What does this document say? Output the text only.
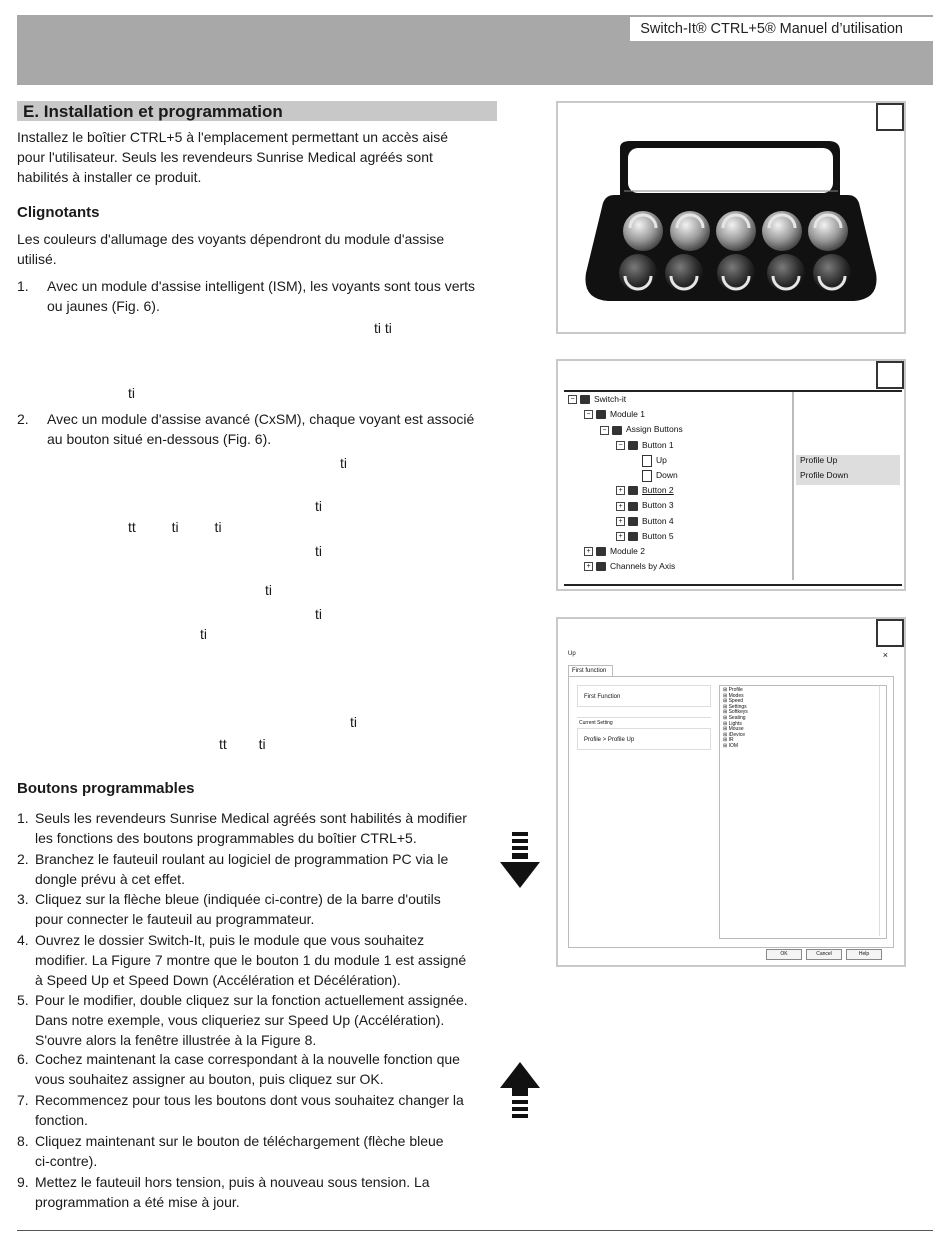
Switch-It® CTRL+5® Manuel d’utilisation
E. Installation et programmation
Installez le boîtier CTRL+5 à l'emplacement permettant un accès aisé
pour l'utilisateur. Seuls les revendeurs Sunrise Medical agréés sont
habilités à installer ce produit.
Clignotants
Les couleurs d'allumage des voyants dépendront du module d'assise
utilisé.
1. Avec un module d'assise intelligent (ISM), les voyants sont tous verts
ou jaunes (Fig. 6).
ti ti
ti
2. Avec un module d'assise avancé (CxSM), chaque voyant est associé
au bouton situé en-dessous (Fig. 6).
ti
ti
tt ti ti
ti
ti
ti
ti
ti
tt ti
Boutons programmables
1. Seuls les revendeurs Sunrise Medical agréés sont habilités à modifier
les fonctions des boutons programmables du boîtier CTRL+5.
2. Branchez le fauteuil roulant au logiciel de programmation PC via le
dongle prévu à cet effet.
3. Cliquez sur la flèche bleue (indiquée ci-contre) de la barre d'outils
pour connecter le fauteuil au programmateur.
4. Ouvrez le dossier Switch-It, puis le module que vous souhaitez
modifier. La Figure 7 montre que le bouton 1 du module 1 est assigné
à Speed Up et Speed Down (Accélération et Décélération).
5. Pour le modifier, double cliquez sur la fonction actuellement assignée.
Dans notre exemple, vous cliqueriez sur Speed Up (Accélération).
S'ouvre alors la fenêtre illustrée à la Figure 8.
6. Cochez maintenant la case correspondant à la nouvelle fonction que
vous souhaitez assigner au bouton, puis cliquez sur OK.
7. Recommencez pour tous les boutons dont vous souhaitez changer la
fonction.
8. Cliquez maintenant sur le bouton de téléchargement (flèche bleue
ci-contre).
9. Mettez le fauteuil hors tension, puis à nouveau sous tension. La
programmation a été mise à jour.
− Switch-it
− Module 1
− Assign Buttons
− Button 1
Up
Down
+ Button 2
+ Button 3
+ Button 4
+ Button 5
+ Module 2
+ Channels by Axis
Profile Up
Profile Down
Up	×
First function
First Function
Current Setting
Profile > Profile Up
⊞ Profile
⊞ Modes
⊞ Speed
⊞ Settings
⊞ Softkeys
⊞ Seating
⊞ Lights
⊞ Mouse
⊞ iDevice
⊞ IR
⊞ IOM
OK	Cancel	Help
